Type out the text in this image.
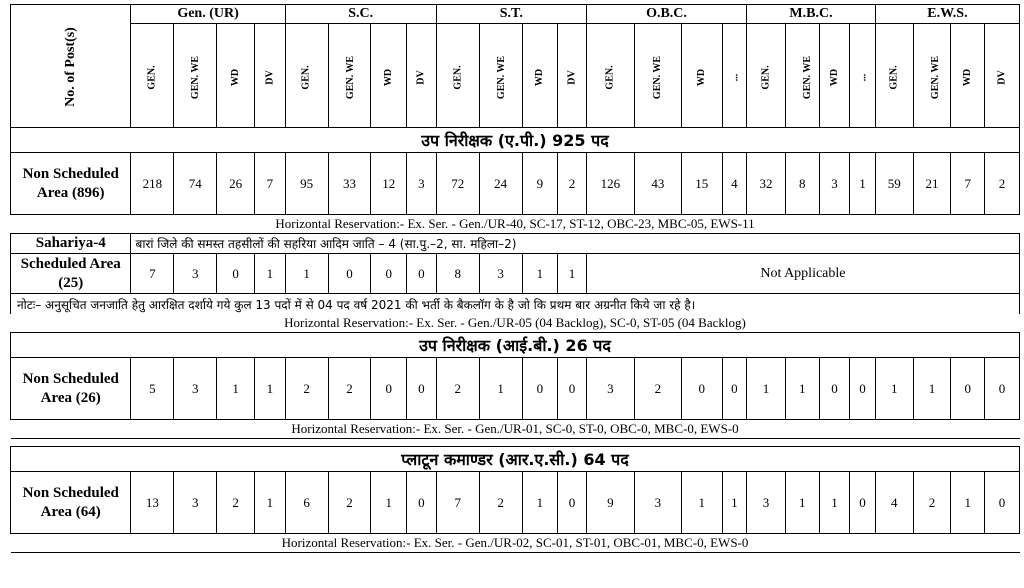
No. of Post(s)	Gen. (UR)				S.C.				S.T.				O.B.C.				M.B.C.				E.W.S.			
	GEN.	GEN. WE	WD	DV	GEN.	GEN. WE	WD	DV	GEN.	GEN. WE	WD	DV	GEN.	GEN. WE	WD	...	GEN.	GEN. WE	WD	...	GEN.	GEN. WE	WD	DV
उप निरीक्षक (ए.पी.) 925 पद																								
Non Scheduled Area (896)	218	74	26	7	95	33	12	3	72	24	9	2	126	43	15	4	32	8	3	1	59	21	7	2
Horizontal Reservation:- Ex. Ser. - Gen./UR-40, SC-17, ST-12, OBC-23, MBC-05, EWS-11																								
Sahariya-4	बारां जिले की समस्त तहसीलों की सहरिया आदिम जाति – 4 (सा.पु.–2, सा. महिला–2)																							
Scheduled Area (25)	7	3	0	1	1	0	0	0	8	3	1	1	Not Applicable											
नोटः– अनुसूचित जनजाति हेतु आरक्षित दर्शाये गये कुल 13 पदों में से 04 पद वर्ष 2021 की भर्ती के बैकलॉग के है जो कि प्रथम बार अग्रनीत किये जा रहे है।																								
Horizontal Reservation:- Ex. Ser. - Gen./UR-05 (04 Backlog), SC-0, ST-05 (04 Backlog)																								
उप निरीक्षक (आई.बी.) 26 पद																								
Non Scheduled Area (26)	5	3	1	1	2	2	0	0	2	1	0	0	3	2	0	0	1	1	0	0	1	1	0	0
Horizontal Reservation:- Ex. Ser. - Gen./UR-01, SC-0, ST-0, OBC-0, MBC-0, EWS-0																								

प्लाटून कमाण्डर (आर.ए.सी.) 64 पद																								
Non Scheduled Area (64)	13	3	2	1	6	2	1	0	7	2	1	0	9	3	1	1	3	1	1	0	4	2	1	0
Horizontal Reservation:- Ex. Ser. - Gen./UR-02, SC-01, ST-01, OBC-01, MBC-0, EWS-0																								
